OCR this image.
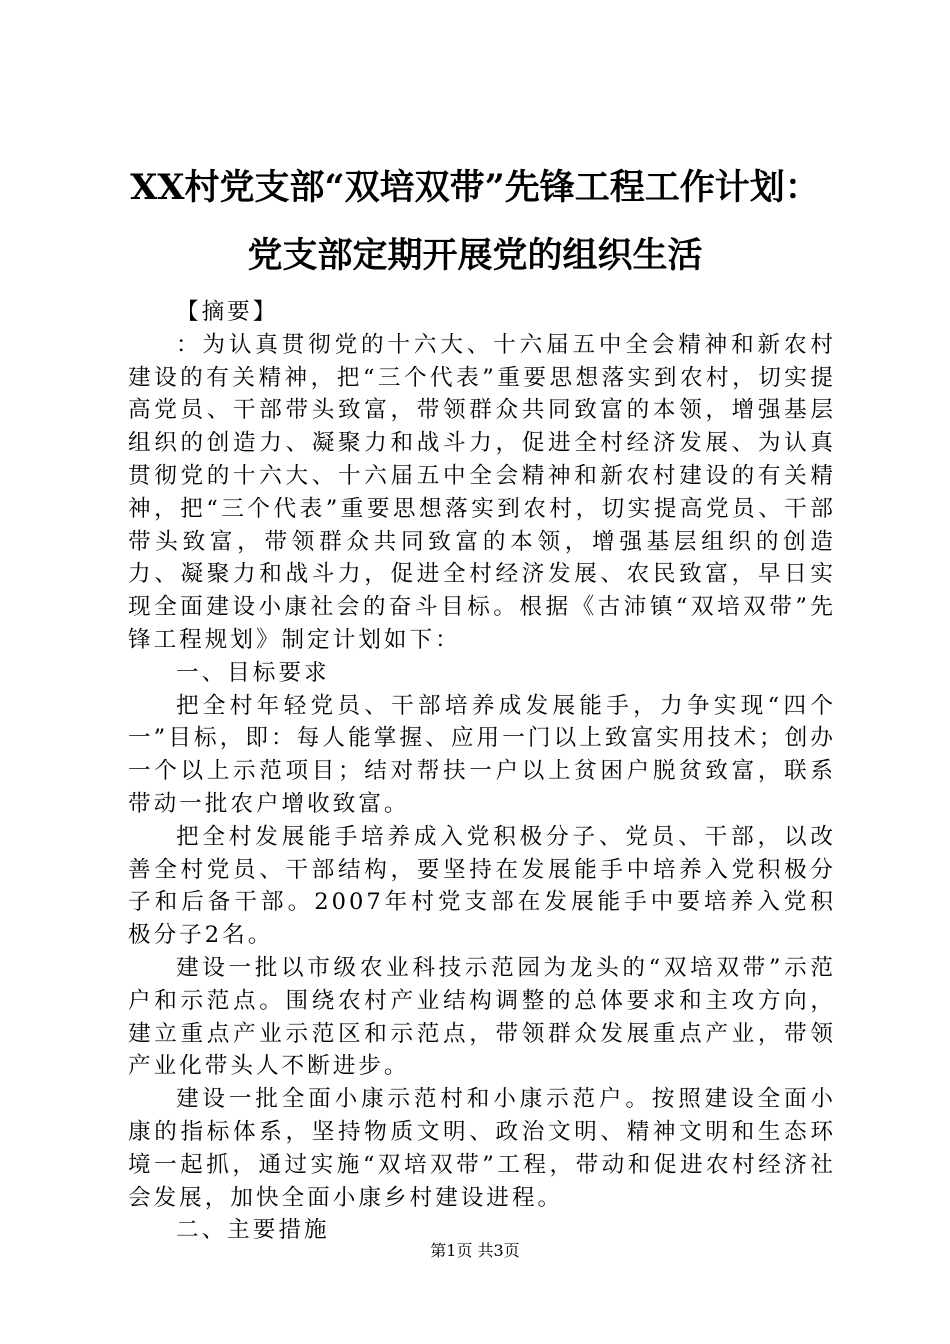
XX村党支部“双培双带”先锋工程工作计划：
党支部定期开展党的组织生活

【摘要】

：为认真贯彻党的十六大、十六届五中全会精神和新农村建设的有关精神，把“三个代表”重要思想落实到农村，切实提高党员、干部带头致富，带领群众共同致富的本领，增强基层组织的创造力、凝聚力和战斗力，促进全村经济发展、为认真贯彻党的十六大、十六届五中全会精神和新农村建设的有关精神，把“三个代表”重要思想落实到农村，切实提高党员、干部带头致富，带领群众共同致富的本领，增强基层组织的创造力、凝聚力和战斗力，促进全村经济发展、农民致富，早日实现全面建设小康社会的奋斗目标。根据《古沛镇“双培双带”先锋工程规划》制定计划如下：

一、目标要求

把全村年轻党员、干部培养成发展能手，力争实现“四个一”目标，即：每人能掌握、应用一门以上致富实用技术；创办一个以上示范项目；结对帮扶一户以上贫困户脱贫致富，联系带动一批农户增收致富。

把全村发展能手培养成入党积极分子、党员、干部，以改善全村党员、干部结构，要坚持在发展能手中培养入党积极分子和后备干部。2007年村党支部在发展能手中要培养入党积极分子2名。

建设一批以市级农业科技示范园为龙头的“双培双带”示范户和示范点。围绕农村产业结构调整的总体要求和主攻方向，建立重点产业示范区和示范点，带领群众发展重点产业，带领产业化带头人不断进步。

建设一批全面小康示范村和小康示范户。按照建设全面小康的指标体系，坚持物质文明、政治文明、精神文明和生态环境一起抓，通过实施“双培双带”工程，带动和促进农村经济社会发展，加快全面小康乡村建设进程。

二、主要措施

第1页 共3页
